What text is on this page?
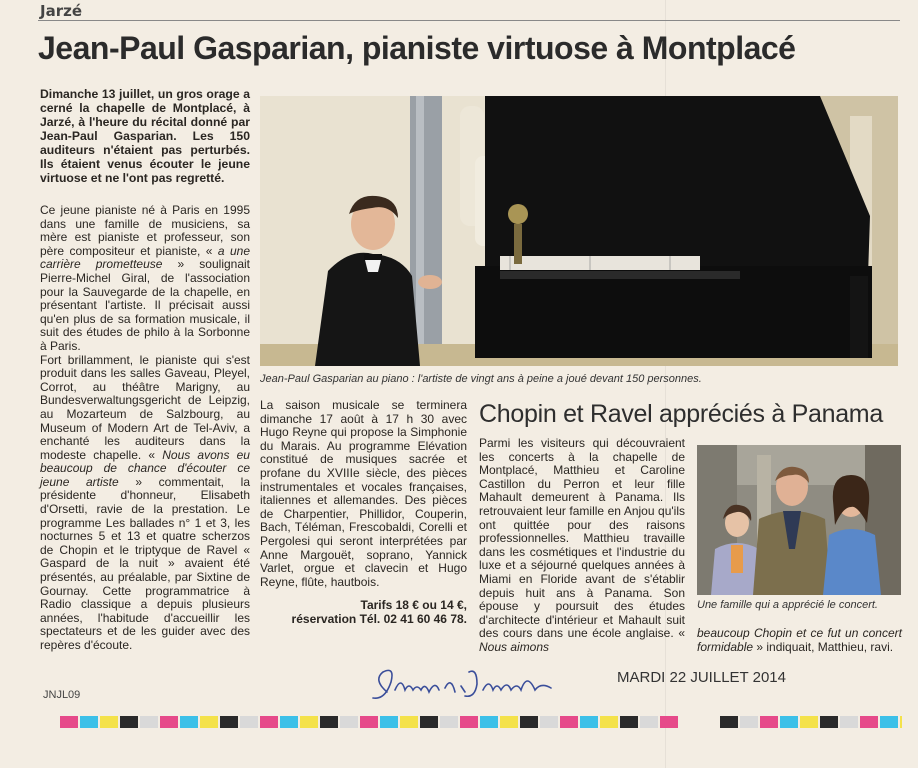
Jarzé
Jean-Paul Gasparian, pianiste virtuose à Montplacé
Dimanche 13 juillet, un gros orage a cerné la chapelle de Montplacé, à Jarzé, à l'heure du récital donné par Jean-Paul Gasparian. Les 150 auditeurs n'étaient pas perturbés. Ils étaient venus écouter le jeune virtuose et ne l'ont pas regretté.

Ce jeune pianiste né à Paris en 1995 dans une famille de musiciens, sa mère est pianiste et professeur, son père compositeur et pianiste, « a une carrière prometteuse » soulignait Pierre-Michel Giral, de l'association pour la Sauvegarde de la chapelle, en présentant l'artiste. Il précisait aussi qu'en plus de sa formation musicale, il suit des études de philo à la Sorbonne à Paris.

Fort brillamment, le pianiste qui s'est produit dans les salles Gaveau, Pleyel, Corrot, au théâtre Marigny, au Bundesverwaltungsgericht de Leipzig, au Mozarteum de Salzbourg, au Museum of Modern Art de Tel-Aviv, a enchanté les auditeurs dans la modeste chapelle. « Nous avons eu beaucoup de chance d'écouter ce jeune artiste » commentait, la présidente d'honneur, Elisabeth d'Orsetti, ravie de la prestation. Le programme Les ballades n° 1 et 3, les nocturnes 5 et 13 et quatre scherzos de Chopin et le triptyque de Ravel « Gaspard de la nuit » avaient été présentés, au préalable, par Sixtine de Gournay. Cette programmatrice à Radio classique a depuis plusieurs années, l'habitude d'accueillir les spectateurs et de les guider avec des repères d'écoute.

Jean-Paul Gasparian au piano : l'artiste de vingt ans à peine a joué devant 150 personnes.
La saison musicale se terminera dimanche 17 août à 17 h 30 avec Hugo Reyne qui propose la Simphonie du Marais. Au programme Elévation constitué de musiques sacrée et profane du XVIIIe siècle, des pièces instrumentales et vocales françaises, italiennes et allemandes. Des pièces de Charpentier, Phillidor, Couperin, Bach, Téléman, Frescobaldi, Corelli et Pergolesi qui seront interprétées par Anne Margouët, soprano, Yannick Varlet, orgue et clavecin et Hugo Reyne, flûte, hautbois.
Tarifs 18 € ou 14 €,
réservation Tél. 02 41 60 46 78.
Chopin et Ravel appréciés à Panama
Parmi les visiteurs qui découvraient les concerts à la chapelle de Montplacé, Matthieu et Caroline Castillon du Perron et leur fille Mahault demeurent à Panama. Ils retrouvaient leur famille en Anjou qu'ils ont quittée pour des raisons professionnelles. Matthieu travaille dans les cosmétiques et l'industrie du luxe et a séjourné quelques années à Miami en Floride avant de s'établir depuis huit ans à Panama. Son épouse y poursuit des études d'architecte d'intérieur et Mahault suit des cours dans une école anglaise. « Nous aimons
Une famille qui a apprécié le concert.
beaucoup Chopin et ce fut un concert formidable » indiquait, Matthieu, ravi.
MARDI 22 JUILLET 2014
JNJL09
